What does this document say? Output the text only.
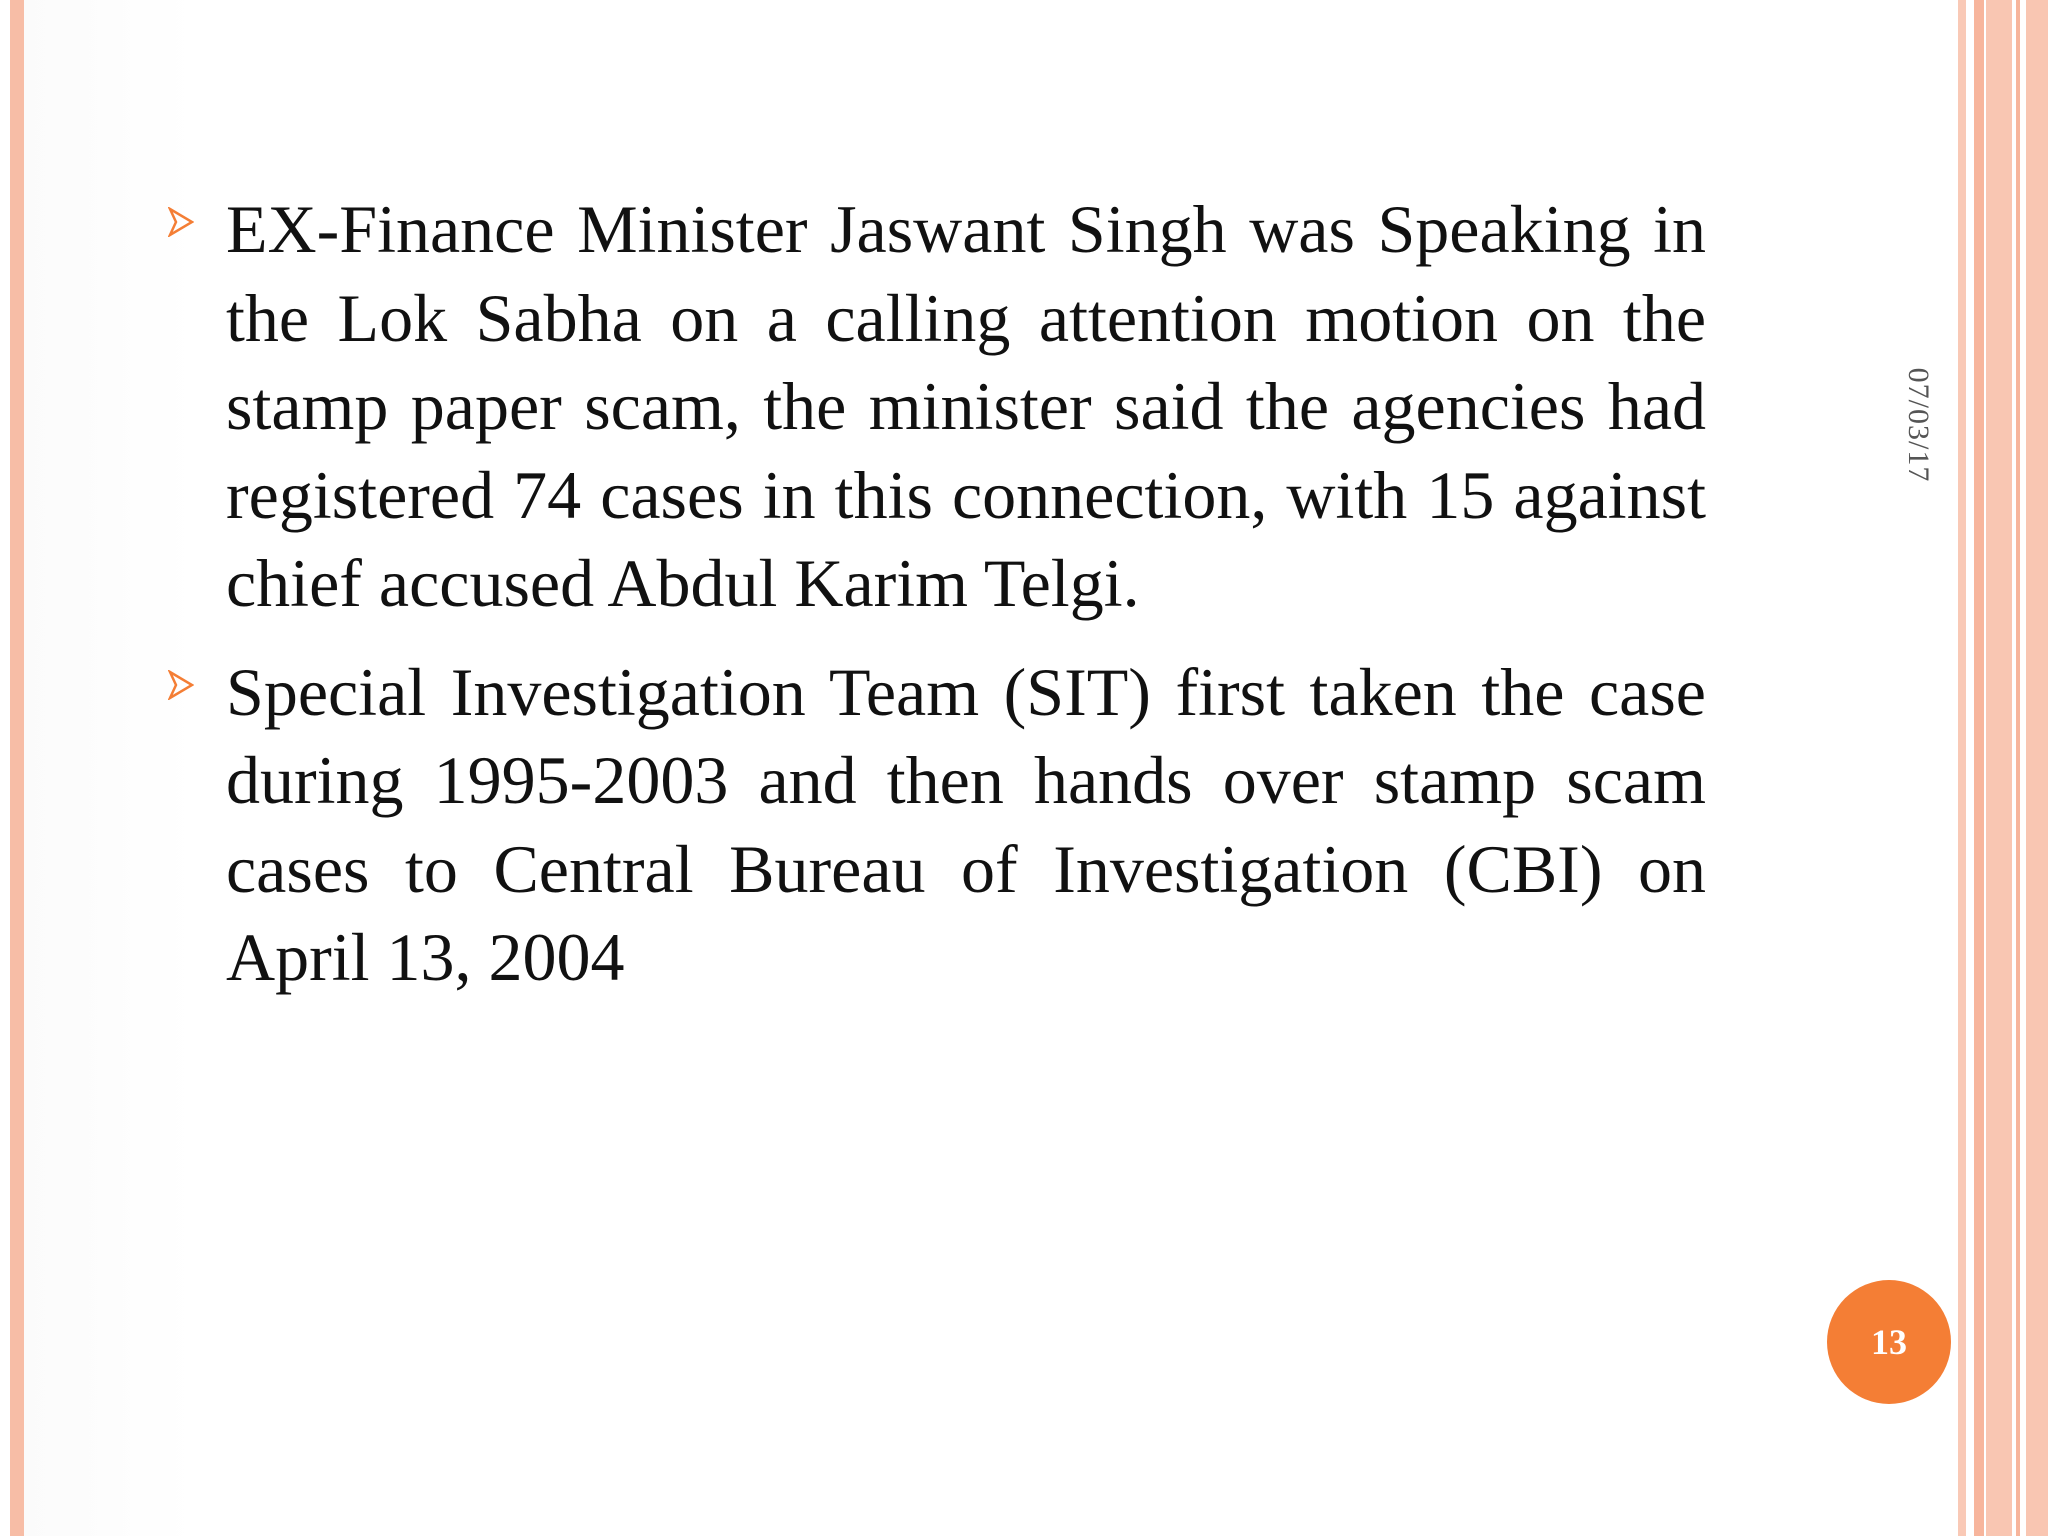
EX-Finance Minister Jaswant Singh was Speaking in the Lok Sabha on a calling attention motion on the stamp paper scam, the minister said the agencies had registered 74 cases in this connection, with 15 against chief accused Abdul Karim Telgi.

Special Investigation Team (SIT) first taken the case during 1995-2003 and then hands over stamp scam cases to Central Bureau of Investigation (CBI) on April 13, 2004

07/03/17
13
